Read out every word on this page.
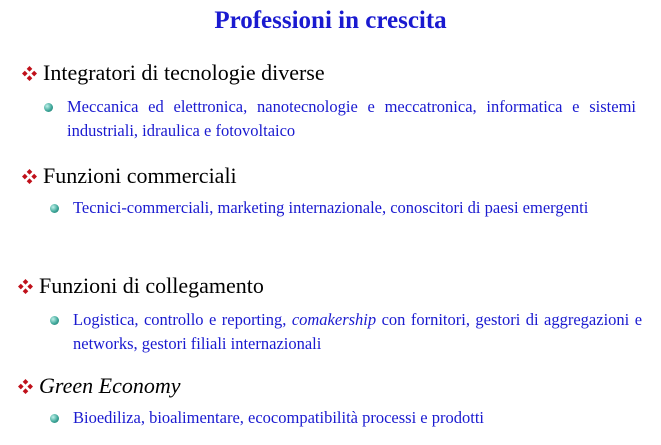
Professioni in crescita
Integratori di tecnologie diverse
Meccanica ed elettronica, nanotecnologie e meccatronica, informatica e sistemi industriali, idraulica e fotovoltaico
Funzioni commerciali
Tecnici-commerciali, marketing internazionale, conoscitori di paesi emergenti
Funzioni di collegamento
Logistica, controllo e reporting, comakership con fornitori, gestori di aggregazioni e networks, gestori filiali internazionali
Green Economy
Bioediliza, bioalimentare, ecocompatibilità processi e prodotti
